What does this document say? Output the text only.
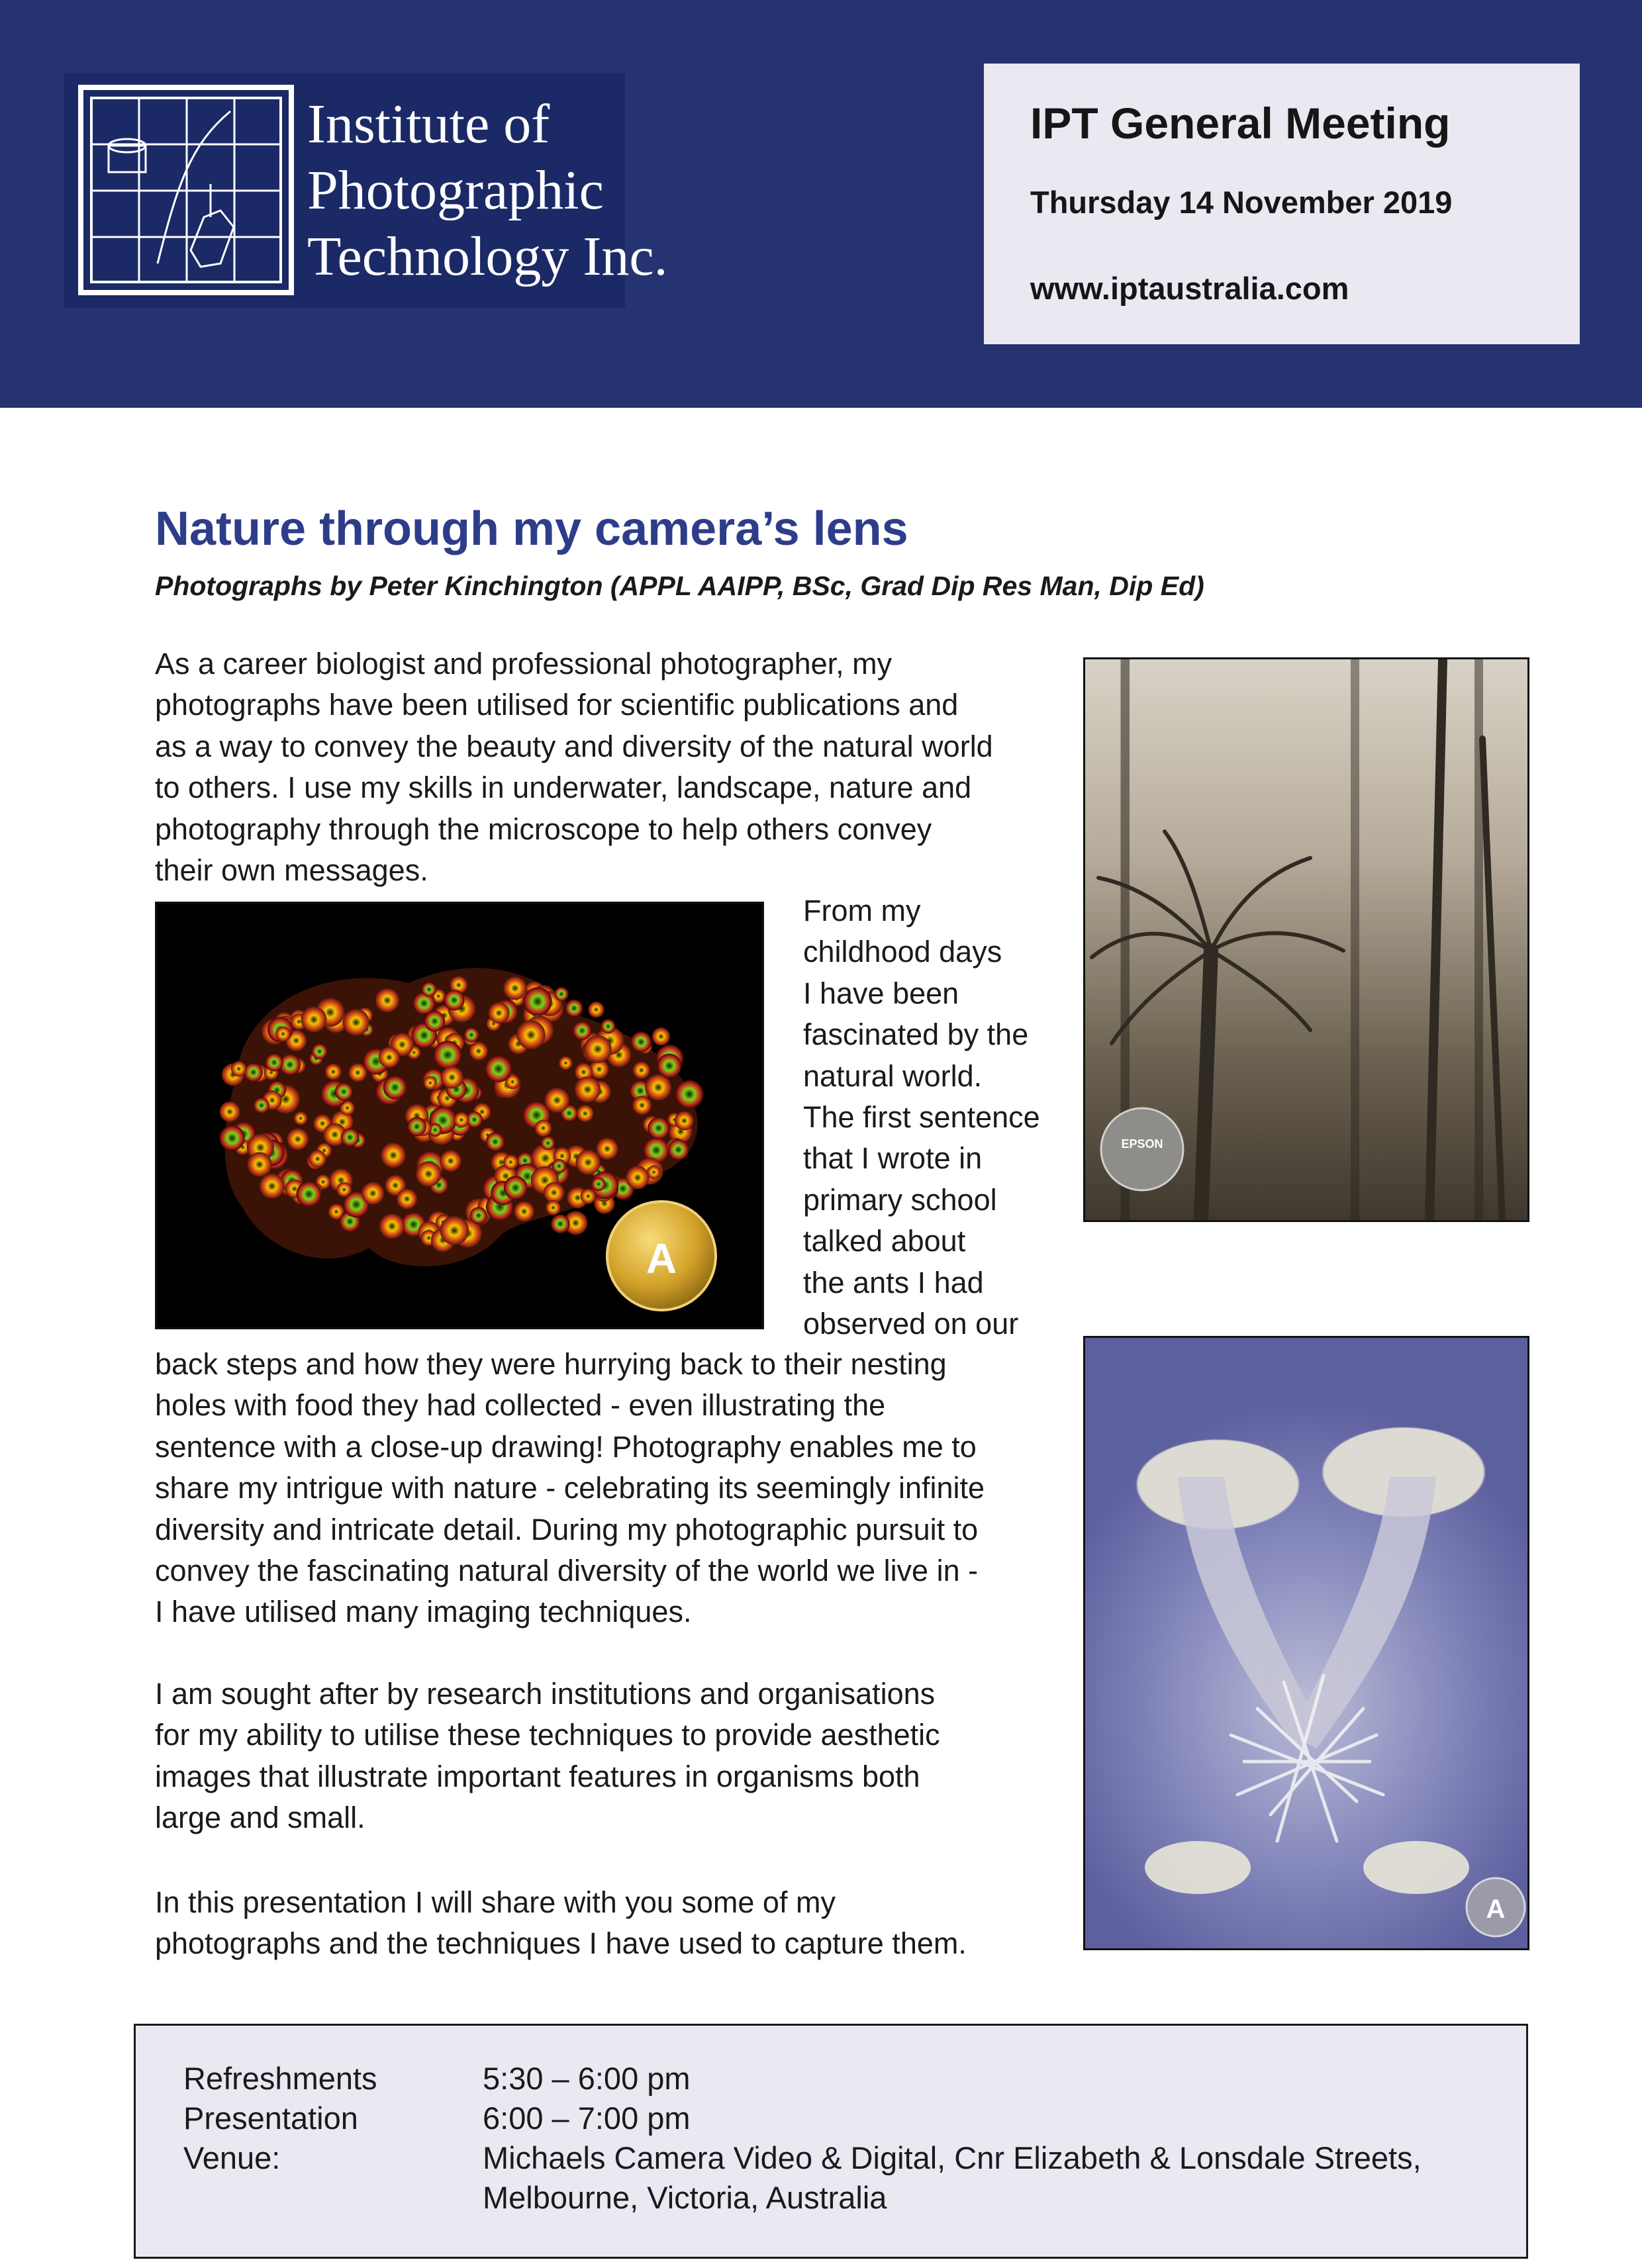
Institute of
Photographic
Technology Inc.
IPT General Meeting
Thursday 14 November 2019
www.iptaustralia.com
Nature through my camera’s lens
Photographs by Peter Kinchington (APPL AAIPP, BSc, Grad Dip Res Man, Dip Ed)
As a career biologist and professional photographer, my
photographs have been utilised for scientific publications and
as a way to convey the beauty and diversity of the natural world
to others. I use my skills in underwater, landscape, nature and
photography through the microscope to help others convey
their own messages.
A
From my
childhood days
I have been
fascinated by the
natural world.
The first sentence
that I wrote in
primary school
talked about
the ants I had
observed on our
EPSON
back steps and how they were hurrying back to their nesting
holes with food they had collected - even illustrating the
sentence with a close-up drawing! Photography enables me to
share my intrigue with nature - celebrating its seemingly infinite
diversity and intricate detail. During my photographic pursuit to
convey the fascinating natural diversity of the world we live in -
I have utilised many imaging techniques.
A
I am sought after by research institutions and organisations
for my ability to utilise these techniques to provide aesthetic
images that illustrate important features in organisms both
large and small.
In this presentation I will share with you some of my
photographs and the techniques I have used to capture them.
Refreshments	5:30 – 6:00 pm
Presentation	6:00 – 7:00 pm
Venue:	Michaels Camera Video & Digital, Cnr Elizabeth & Lonsdale Streets,
Melbourne, Victoria, Australia
